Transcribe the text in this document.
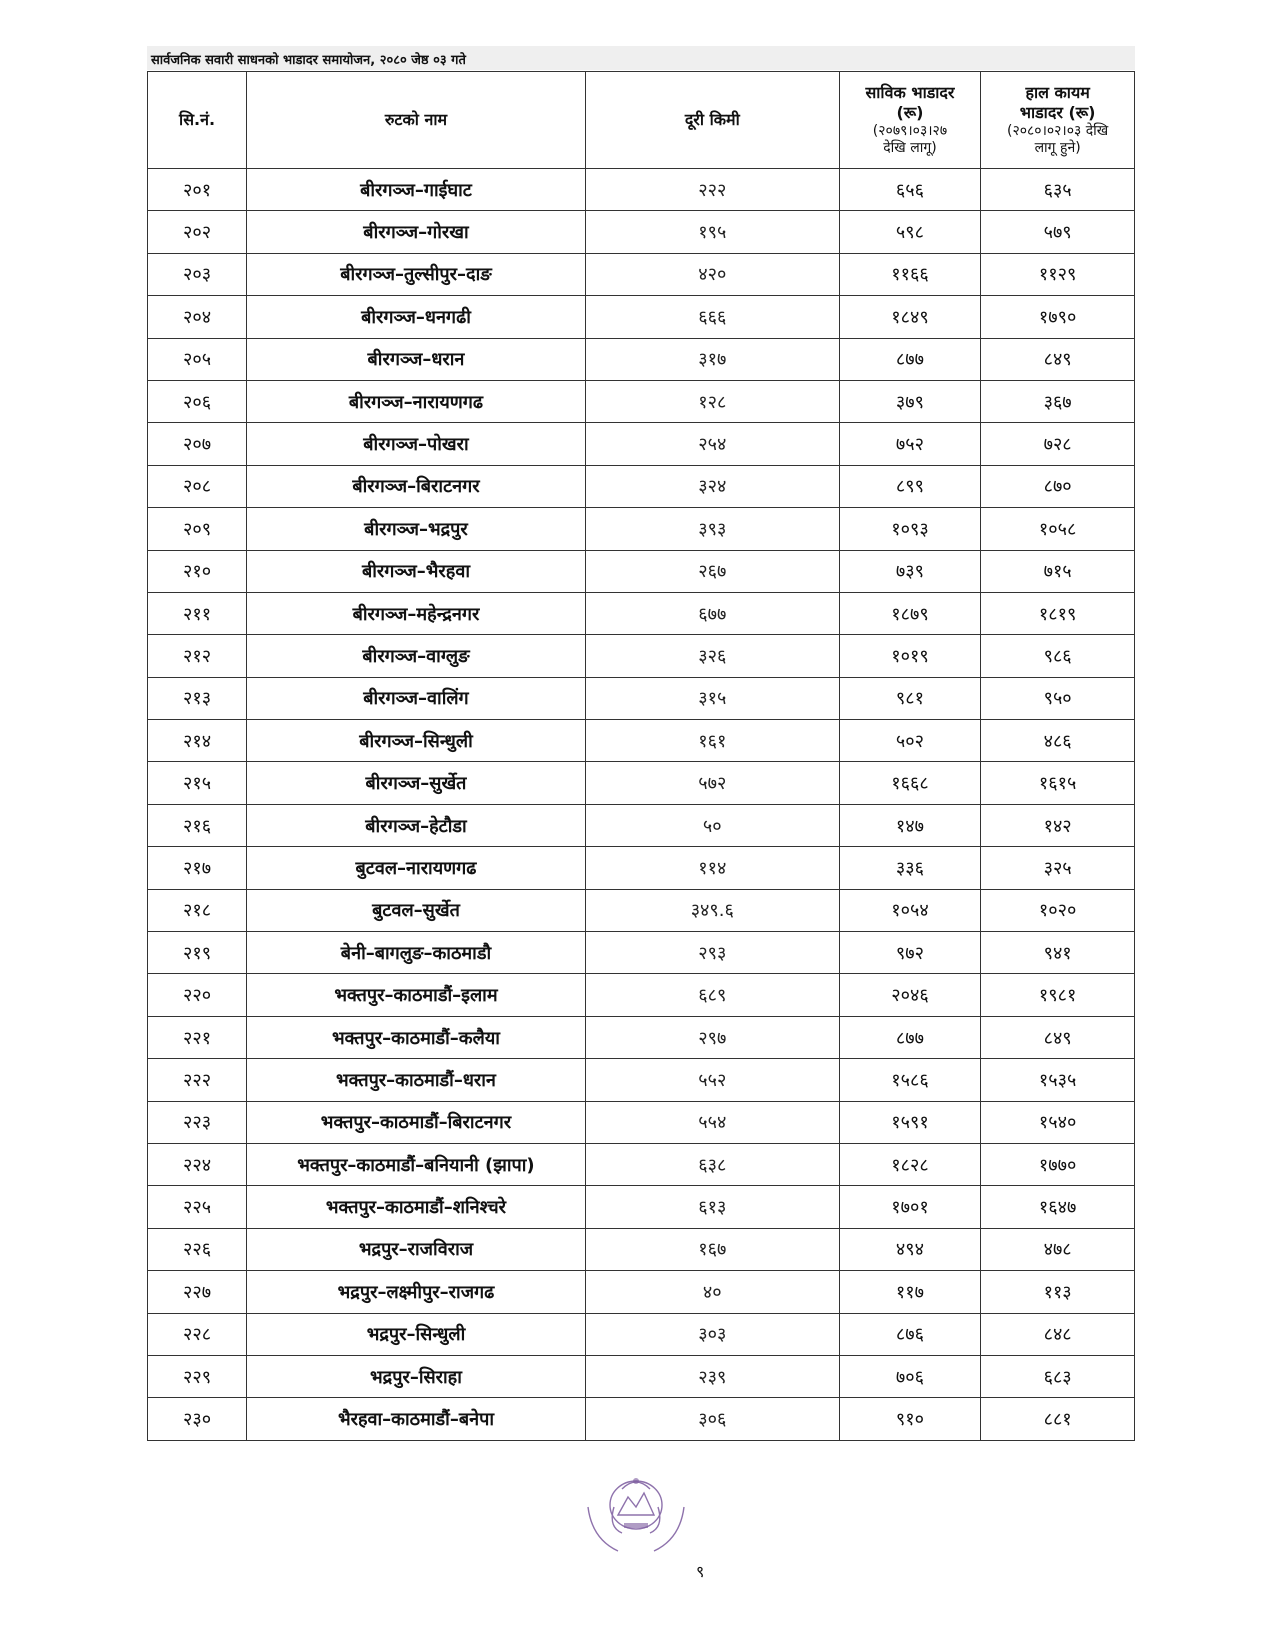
सार्वजनिक सवारी साधनको भाडादर समायोजन, २०८० जेष्ठ ०३ गते
सि.नं.	रुटको नाम	दूरी किमी	साविक भाडादर
(रू)
(२०७९।०३।२७
देखि लागू)	हाल कायम
भाडादर (रू)
(२०८०।०२।०३ देखि
लागू हुने)

२०१	बीरगञ्ज–गाईघाट	२२२	६५६	६३५
२०२	बीरगञ्ज–गोरखा	१९५	५९८	५७९
२०३	बीरगञ्ज–तुल्सीपुर–दाङ	४२०	११६६	११२९
२०४	बीरगञ्ज–धनगढी	६६६	१८४९	१७९०
२०५	बीरगञ्ज–धरान	३१७	८७७	८४९
२०६	बीरगञ्ज–नारायणगढ	१२८	३७९	३६७
२०७	बीरगञ्ज–पोखरा	२५४	७५२	७२८
२०८	बीरगञ्ज–बिराटनगर	३२४	८९९	८७०
२०९	बीरगञ्ज–भद्रपुर	३९३	१०९३	१०५८
२१०	बीरगञ्ज–भैरहवा	२६७	७३९	७१५
२११	बीरगञ्ज–महेन्द्रनगर	६७७	१८७९	१८१९
२१२	बीरगञ्ज–वाग्लुङ	३२६	१०१९	९८६
२१३	बीरगञ्ज–वालिंग	३१५	९८१	९५०
२१४	बीरगञ्ज–सिन्धुली	१६१	५०२	४८६
२१५	बीरगञ्ज–सुर्खेत	५७२	१६६८	१६१५
२१६	बीरगञ्ज–हेटौडा	५०	१४७	१४२
२१७	बुटवल–नारायणगढ	११४	३३६	३२५
२१८	बुटवल–सुर्खेत	३४९.६	१०५४	१०२०
२१९	बेनी–बागलुङ–काठमाडौ	२९३	९७२	९४१
२२०	भक्तपुर–काठमाडौं–इलाम	६८९	२०४६	१९८१
२२१	भक्तपुर–काठमाडौं–कलैया	२९७	८७७	८४९
२२२	भक्तपुर–काठमाडौं–धरान	५५२	१५८६	१५३५
२२३	भक्तपुर–काठमाडौं–बिराटनगर	५५४	१५९१	१५४०
२२४	भक्तपुर–काठमाडौं–बनियानी (झापा)	६३८	१८२८	१७७०
२२५	भक्तपुर–काठमाडौं–शनिश्चरे	६१३	१७०१	१६४७
२२६	भद्रपुर–राजविराज	१६७	४९४	४७८
२२७	भद्रपुर–लक्ष्मीपुर–राजगढ	४०	११७	११३
२२८	भद्रपुर–सिन्धुली	३०३	८७६	८४८
२२९	भद्रपुर–सिराहा	२३९	७०६	६८३
२३०	भैरहवा–काठमाडौं–बनेपा	३०६	९१०	८८१
९
